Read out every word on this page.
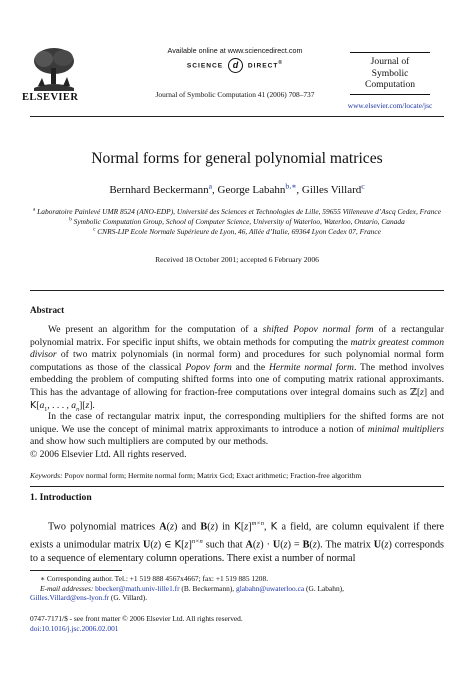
ELSEVIER
Available online at www.sciencedirect.com
SCIENCE d DIRECT®
Journal of Symbolic Computation 41 (2006) 708–737
Journal of
Symbolic
Computation
www.elsevier.com/locate/jsc
Normal forms for general polynomial matrices
Bernhard Beckermann$^a$, George Labahn$^{b,∗}$, Gilles Villard$^c$
$^a$ Laboratoire Painlevé UMR 8524 (ANO-EDP), Université des Sciences et Technologies de Lille, 59655 Villeneuve d’Ascq Cedex, France
$^b$ Symbolic Computation Group, School of Computer Science, University of Waterloo, Waterloo, Ontario, Canada
$^c$ CNRS-LIP Ecole Normale Supérieure de Lyon, 46, Allée d’Italie, 69364 Lyon Cedex 07, France
Received 18 October 2001; accepted 6 February 2006
Abstract
We present an algorithm for the computation of a shifted Popov normal form of a rectangular polynomial matrix. For specific input shifts, we obtain methods for computing the matrix greatest common divisor of two matrix polynomials (in normal form) and procedures for such polynomial normal form computations as those of the classical Popov form and the Hermite normal form. The method involves embedding the problem of computing shifted forms into one of computing matrix rational approximants. This has the advantage of allowing for fraction-free computations over integral domains such as ℤ[z] and $𝖪[a_1$, . . . , $a_n][z]$.
In the case of rectangular matrix input, the corresponding multipliers for the shifted forms are not unique. We use the concept of minimal matrix approximants to introduce a notion of minimal multipliers and show how such multipliers are computed by our methods.
© 2006 Elsevier Ltd. All rights reserved.
Keywords: Popov normal form; Hermite normal form; Matrix Gcd; Exact arithmetic; Fraction-free algorithm
1. Introduction
Two polynomial matrices A(z) and B(z) in $𝖪[z]^{m\times n}$, 𝖪 a field, are column equivalent if there exists a unimodular matrix U(z) ∈ $𝖪[z]^{n\times n}$ such that A(z) · U(z) = B(z). The matrix U(z) corresponds to a sequence of elementary column operations. There exist a number of normal
∗ Corresponding author. Tel.: +1 519 888 4567x4667; fax: +1 519 885 1208.
E-mail addresses: bbecker@math.univ-lille1.fr (B. Beckermann), glabahn@uwaterloo.ca (G. Labahn),
Gilles.Villard@ens-lyon.fr (G. Villard).
0747-7171/$ - see front matter © 2006 Elsevier Ltd. All rights reserved.
doi:10.1016/j.jsc.2006.02.001
